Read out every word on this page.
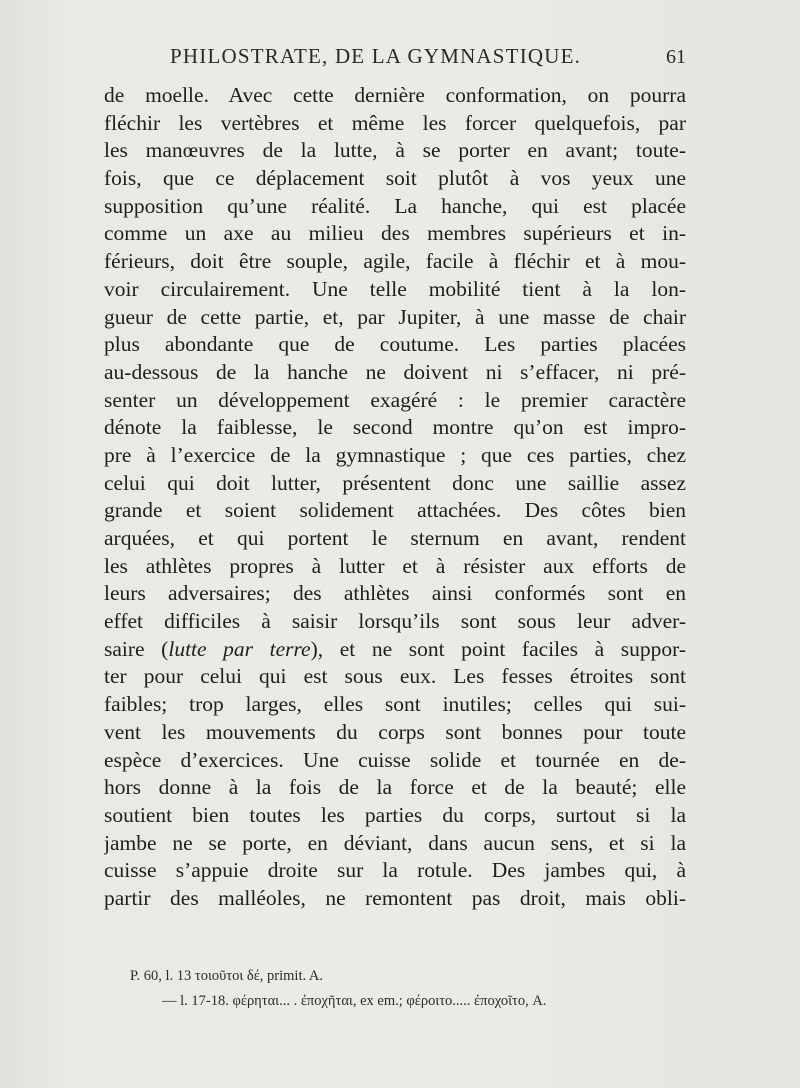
PHILOSTRATE, DE LA GYMNASTIQUE.	61
de moelle. Avec cette dernière conformation, on pourra
fléchir les vertèbres et même les forcer quelquefois, par
les manœuvres de la lutte, à se porter en avant; toute-
fois, que ce déplacement soit plutôt à vos yeux une
supposition qu’une réalité. La hanche, qui est placée
comme un axe au milieu des membres supérieurs et in-
férieurs, doit être souple, agile, facile à fléchir et à mou-
voir circulairement. Une telle mobilité tient à la lon-
gueur de cette partie, et, par Jupiter, à une masse de chair
plus abondante que de coutume. Les parties placées
au-dessous de la hanche ne doivent ni s’effacer, ni pré-
senter un développement exagéré : le premier caractère
dénote la faiblesse, le second montre qu’on est impro-
pre à l’exercice de la gymnastique ; que ces parties, chez
celui qui doit lutter, présentent donc une saillie assez
grande et soient solidement attachées. Des côtes bien
arquées, et qui portent le sternum en avant, rendent
les athlètes propres à lutter et à résister aux efforts de
leurs adversaires; des athlètes ainsi conformés sont en
effet difficiles à saisir lorsqu’ils sont sous leur adver-
saire (lutte par terre), et ne sont point faciles à suppor-
ter pour celui qui est sous eux. Les fesses étroites sont
faibles; trop larges, elles sont inutiles; celles qui sui-
vent les mouvements du corps sont bonnes pour toute
espèce d’exercices. Une cuisse solide et tournée en de-
hors donne à la fois de la force et de la beauté; elle
soutient bien toutes les parties du corps, surtout si la
jambe ne se porte, en déviant, dans aucun sens, et si la
cuisse s’appuie droite sur la rotule. Des jambes qui, à
partir des malléoles, ne remontent pas droit, mais obli-
P. 60, l. 13 τοιοῦτοι δέ, primit. A.
— l. 17-18. φέρηται... . ἐποχῆται, ex em.; φέροιτο..... ἐποχοῖτο, A.
